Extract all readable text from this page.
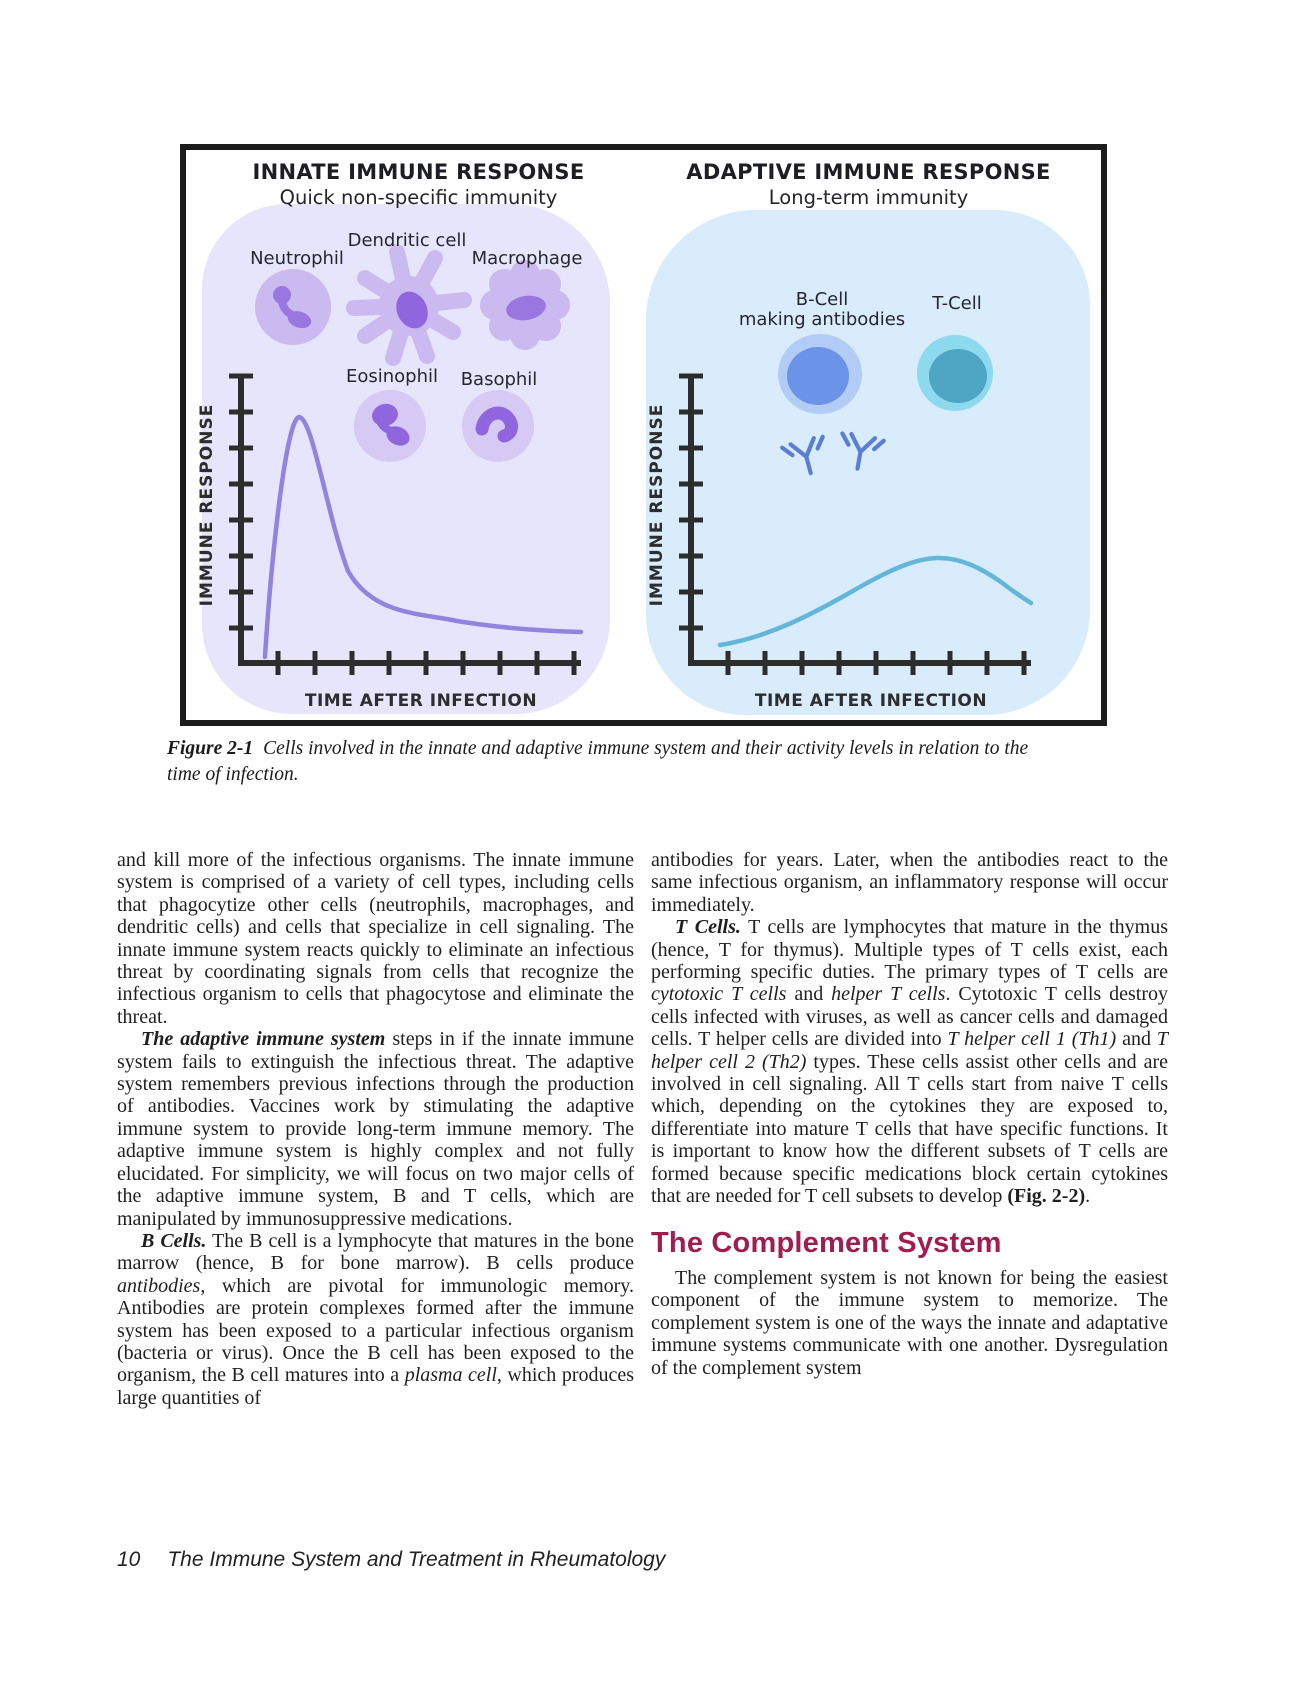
INNATE IMMUNE RESPONSE
Quick non-specific immunity
IMMUNE RESPONSE
TIME AFTER INFECTION
Neutrophil
Dendritic cell
Macrophage
Eosinophil Basophil
ADAPTIVE IMMUNE RESPONSE
Long-term immunity
IMMUNE RESPONSE
TIME AFTER INFECTION
B-Cell
making antibodies
T-Cell
Figure 2-1 Cells involved in the innate and adaptive immune system and their activity levels in relation to the time of infection.

and kill more of the infectious organisms. The innate immune system is comprised of a variety of cell types, including cells that phagocytize other cells (neutrophils, macrophages, and dendritic cells) and cells that specialize in cell signaling. The innate immune system reacts quickly to eliminate an infectious threat by coordinating signals from cells that recognize the infectious organism to cells that phagocytose and eliminate the threat.

The adaptive immune system steps in if the innate immune system fails to extinguish the infectious threat. The adaptive system remembers previous infections through the production of antibodies. Vaccines work by stimulating the adaptive immune system to provide long-term immune memory. The adaptive immune system is highly complex and not fully elucidated. For simplicity, we will focus on two major cells of the adaptive immune system, B and T cells, which are manipulated by immunosuppressive medications.

B Cells. The B cell is a lymphocyte that matures in the bone marrow (hence, B for bone marrow). B cells produce antibodies, which are pivotal for immunologic memory. Antibodies are protein complexes formed after the immune system has been exposed to a particular infectious organism (bacteria or virus). Once the B cell has been exposed to the organism, the B cell matures into a plasma cell, which produces large quantities of

antibodies for years. Later, when the antibodies react to the same infectious organism, an inflammatory response will occur immediately.

T Cells. T cells are lymphocytes that mature in the thymus (hence, T for thymus). Multiple types of T cells exist, each performing specific duties. The primary types of T cells are cytotoxic T cells and helper T cells. Cytotoxic T cells destroy cells infected with viruses, as well as cancer cells and damaged cells. T helper cells are divided into T helper cell 1 (Th1) and T helper cell 2 (Th2) types. These cells assist other cells and are involved in cell signaling. All T cells start from naive T cells which, depending on the cytokines they are exposed to, differentiate into mature T cells that have specific functions. It is important to know how the different subsets of T cells are formed because specific medications block certain cytokines that are needed for T cell subsets to develop (Fig. 2-2).

The Complement System

The complement system is not known for being the easiest component of the immune system to memorize. The complement system is one of the ways the innate and adaptative immune systems communicate with one another. Dysregulation of the complement system

10 The Immune System and Treatment in Rheumatology
